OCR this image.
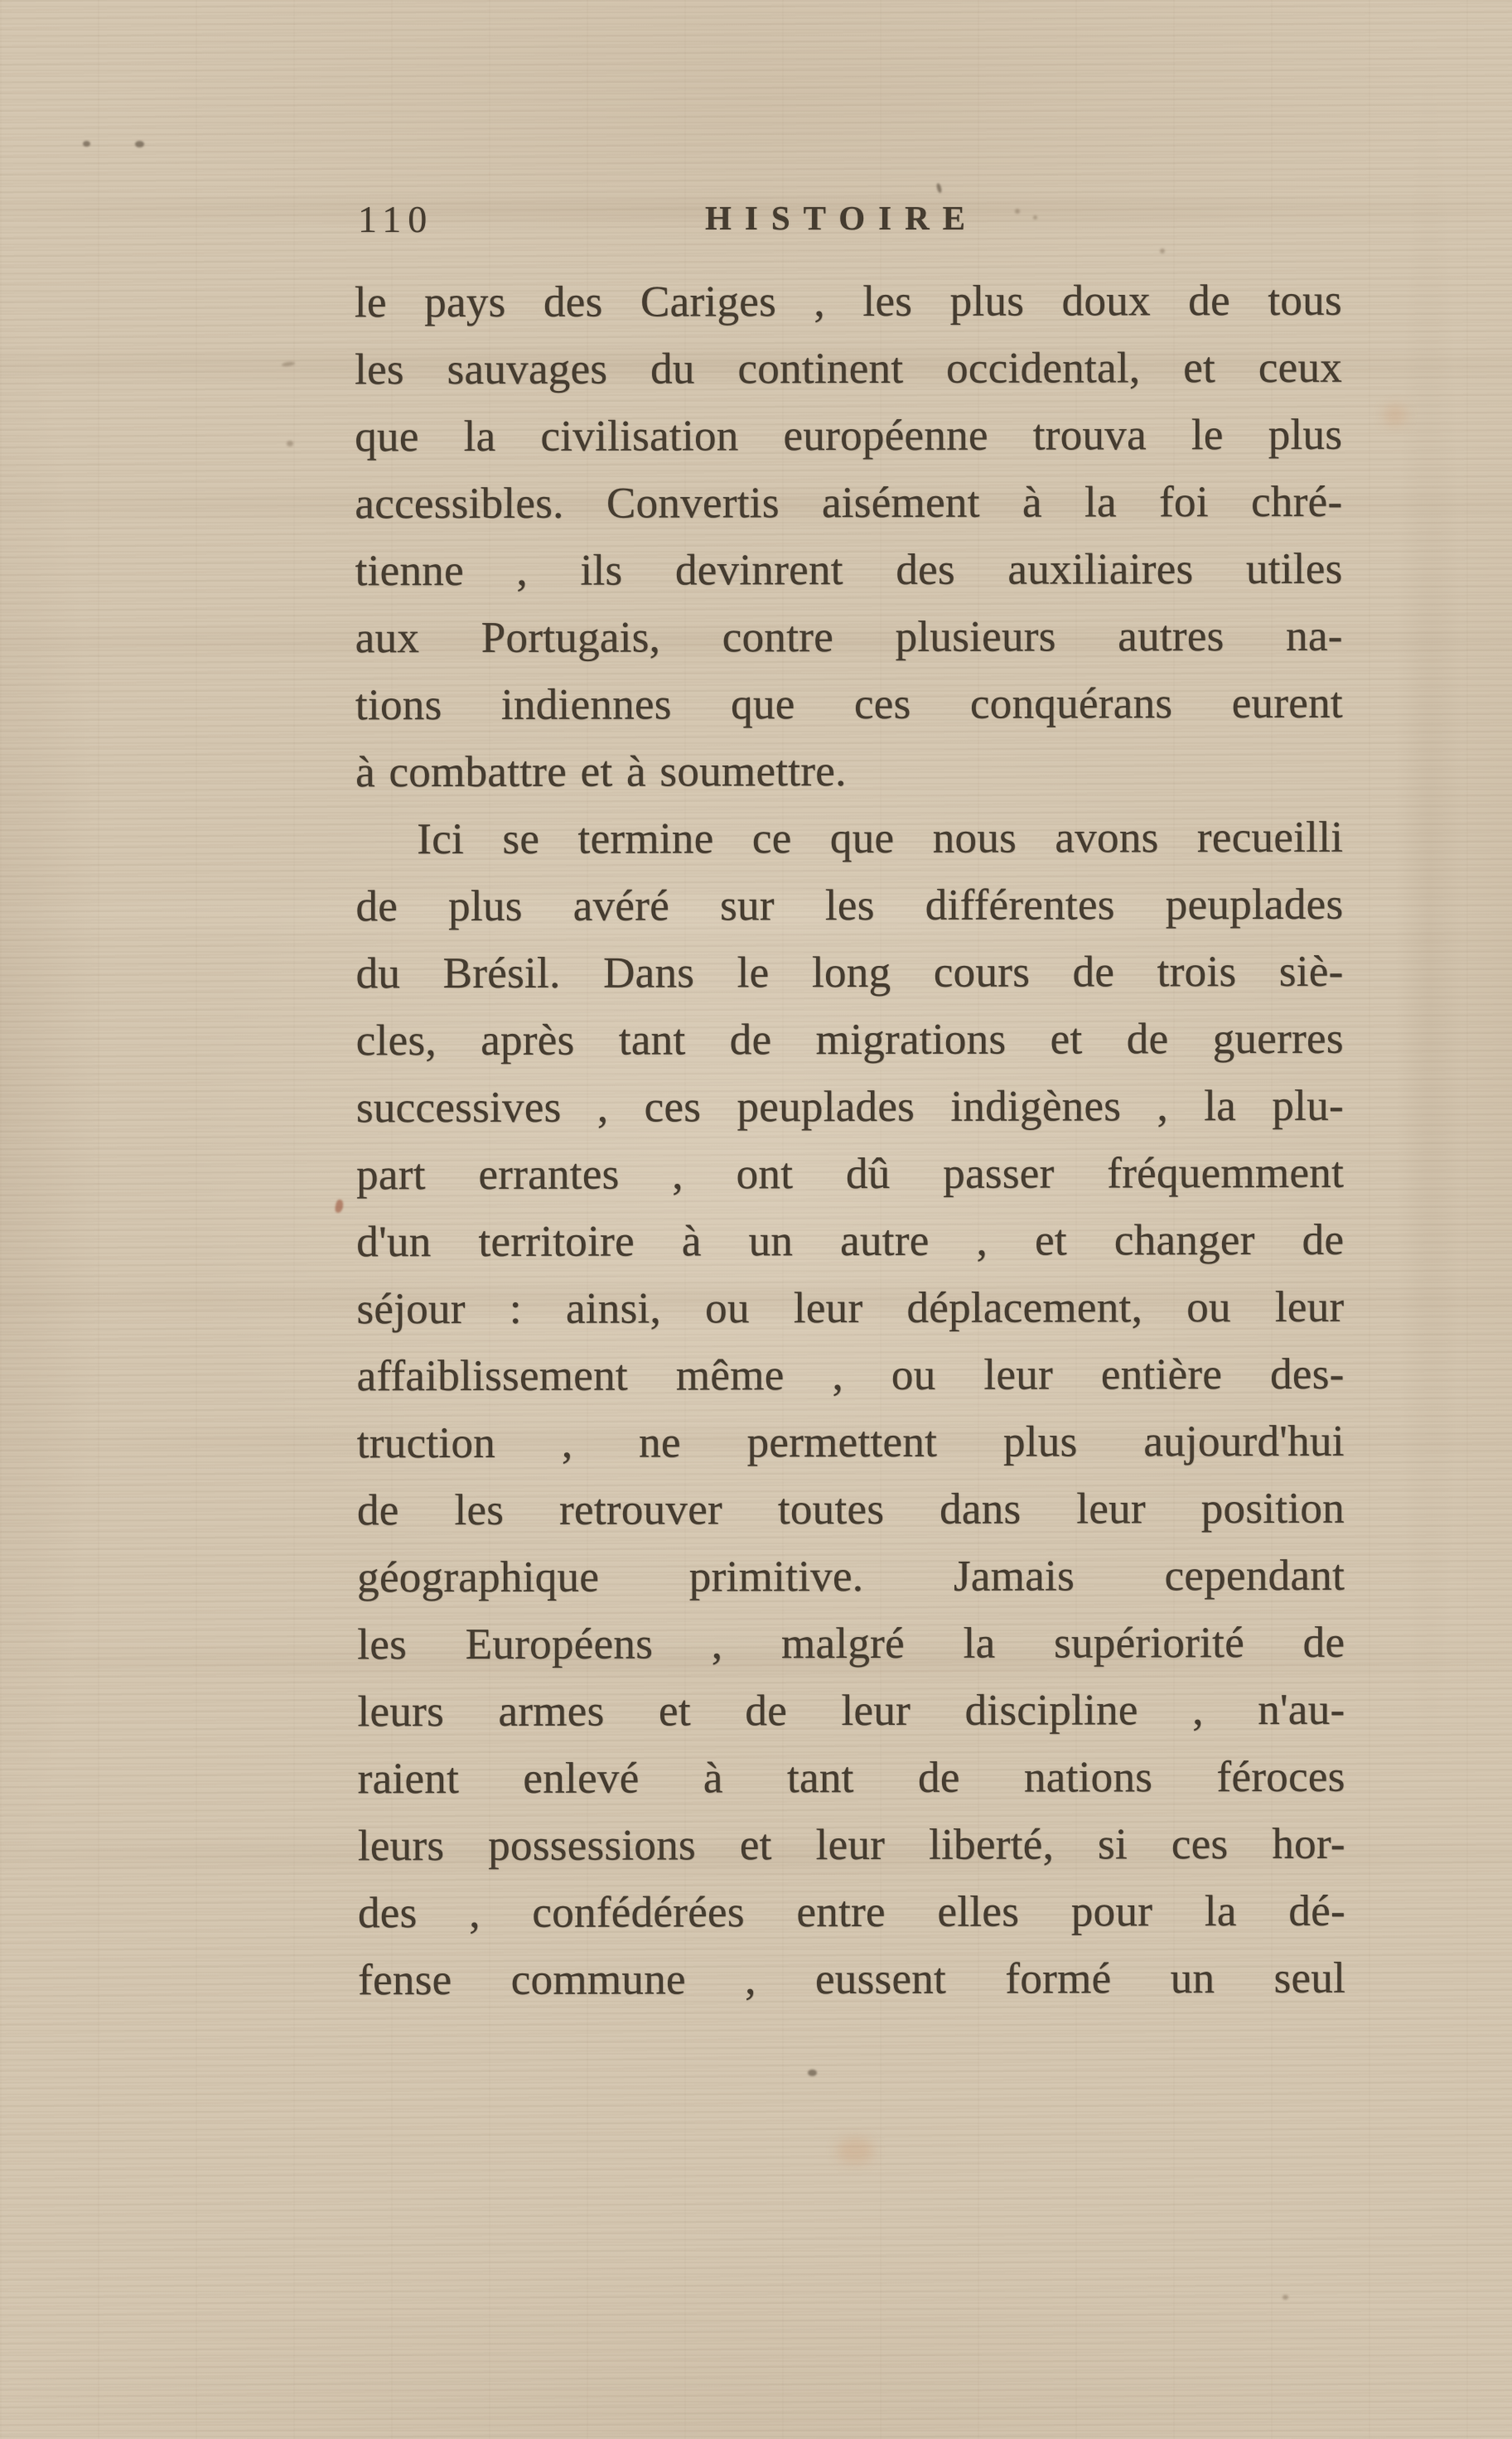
110	HISTOIRE
le pays des Cariges , les plus doux de tous
les sauvages du continent occidental, et ceux
que la civilisation européenne trouva le plus
accessibles. Convertis aisément à la foi chré-
tienne , ils devinrent des auxiliaires utiles
aux Portugais, contre plusieurs autres na-
tions indiennes que ces conquérans eurent
à combattre et à soumettre.
Ici se termine ce que nous avons recueilli
de plus avéré sur les différentes peuplades
du Brésil. Dans le long cours de trois siè-
cles, après tant de migrations et de guerres
successives , ces peuplades indigènes , la plu-
part errantes , ont dû passer fréquemment
d'un territoire à un autre , et changer de
séjour : ainsi, ou leur déplacement, ou leur
affaiblissement même , ou leur entière des-
truction , ne permettent plus aujourd'hui
de les retrouver toutes dans leur position
géographique primitive. Jamais cependant
les Européens , malgré la supériorité de
leurs armes et de leur discipline , n'au-
raient enlevé à tant de nations féroces
leurs possessions et leur liberté, si ces hor-
des , confédérées entre elles pour la dé-
fense commune , eussent formé un seul
